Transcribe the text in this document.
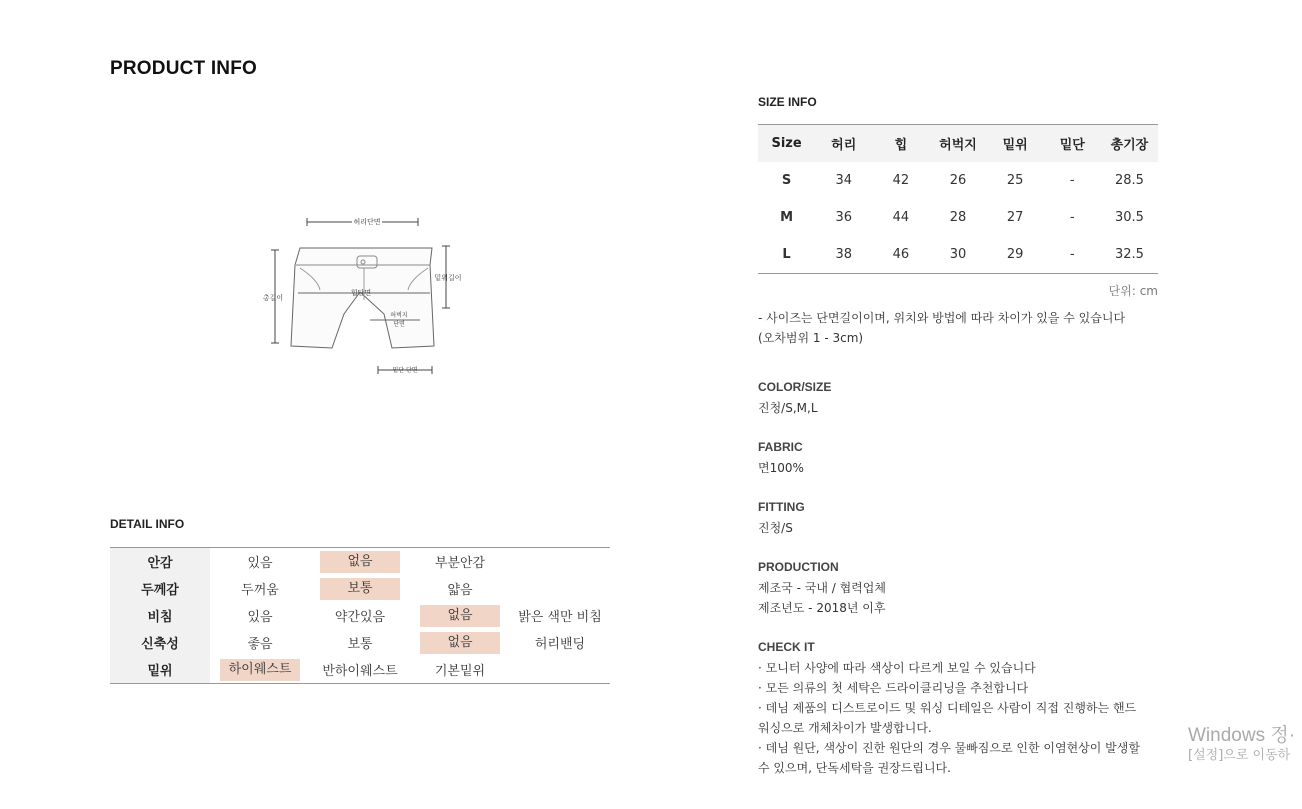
PRODUCT INFO
허리단면
총길이
밑위길이
힙단면
허벅지
단면
밑단 단면
DETAIL INFO
안감	있음	없음	부분안감
두께감	두꺼움	보통	얇음
비침	있음	약간있음	없음	밝은 색만 비침
신축성	좋음	보통	없음	허리밴딩
밑위	하이웨스트	반하이웨스트	기본밑위
SIZE INFO
Size	허리	힙	허벅지	밑위	밑단	총기장
S	34	42	26	25	-	28.5
M	36	44	28	27	-	30.5
L	38	46	30	29	-	32.5
단위: cm
- 사이즈는 단면길이이며, 위치와 방법에 따라 차이가 있을 수 있습니다
(오차범위 1 - 3cm)
COLOR/SIZE
진청/S,M,L
FABRIC
면100%
FITTING
진청/S
PRODUCTION
제조국 - 국내 / 협력업체
제조년도 - 2018년 이후
CHECK IT
· 모니터 사양에 따라 색상이 다르게 보일 수 있습니다
· 모든 의류의 첫 세탁은 드라이클리닝을 추천합니다
· 데님 제품의 디스트로이드 및 워싱 디테일은 사람이 직접 진행하는 핸드
워싱으로 개체차이가 발생합니다.
· 데님 원단, 색상이 진한 원단의 경우 물빠짐으로 인한 이염현상이 발생할
수 있으며, 단독세탁을 권장드립니다.
Windows 정·
[설정]으로 이동하
